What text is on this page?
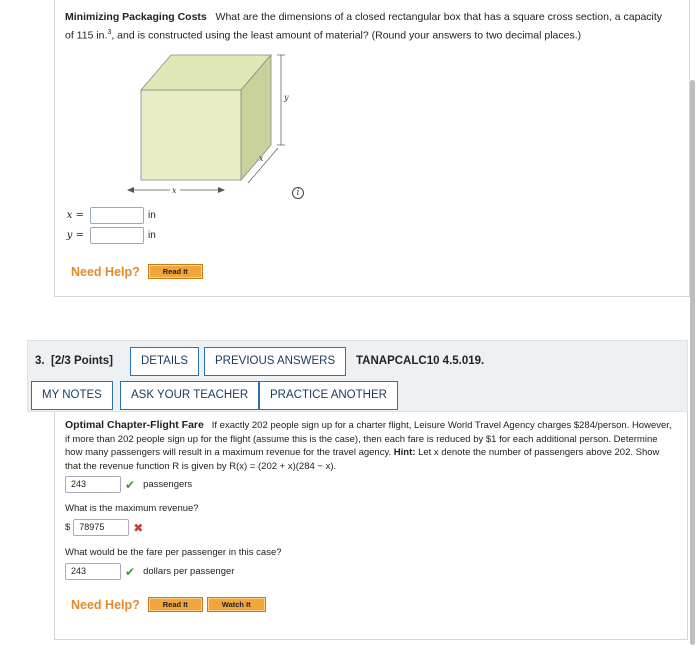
Minimizing Packaging Costs What are the dimensions of a closed rectangular box that has a square cross section, a capacity of 115 in.$^3$, and is constructed using the least amount of material? (Round your answers to two decimal places.)
y
x
x	i
x =	in
y =	in
Need Help?	Read It
3. [2/3 Points]	DETAILS	PREVIOUS ANSWERS	TANAPCALC10 4.5.019.
MY NOTES	ASK YOUR TEACHER	PRACTICE ANOTHER
Optimal Chapter-Flight Fare If exactly 202 people sign up for a charter flight, Leisure World Travel Agency charges $284/person. However, if more than 202 people sign up for the flight (assume this is the case), then each fare is reduced by $1 for each additional person. Determine how many passengers will result in a maximum revenue for the travel agency. Hint: Let x denote the number of passengers above 202. Show that the revenue function R is given by R(x) = (202 + x)(284 − x).
243	✔ passengers
What is the maximum revenue?
$	78975	✖
What would be the fare per passenger in this case?
243	✔ dollars per passenger
Need Help?	Read It	Watch It
